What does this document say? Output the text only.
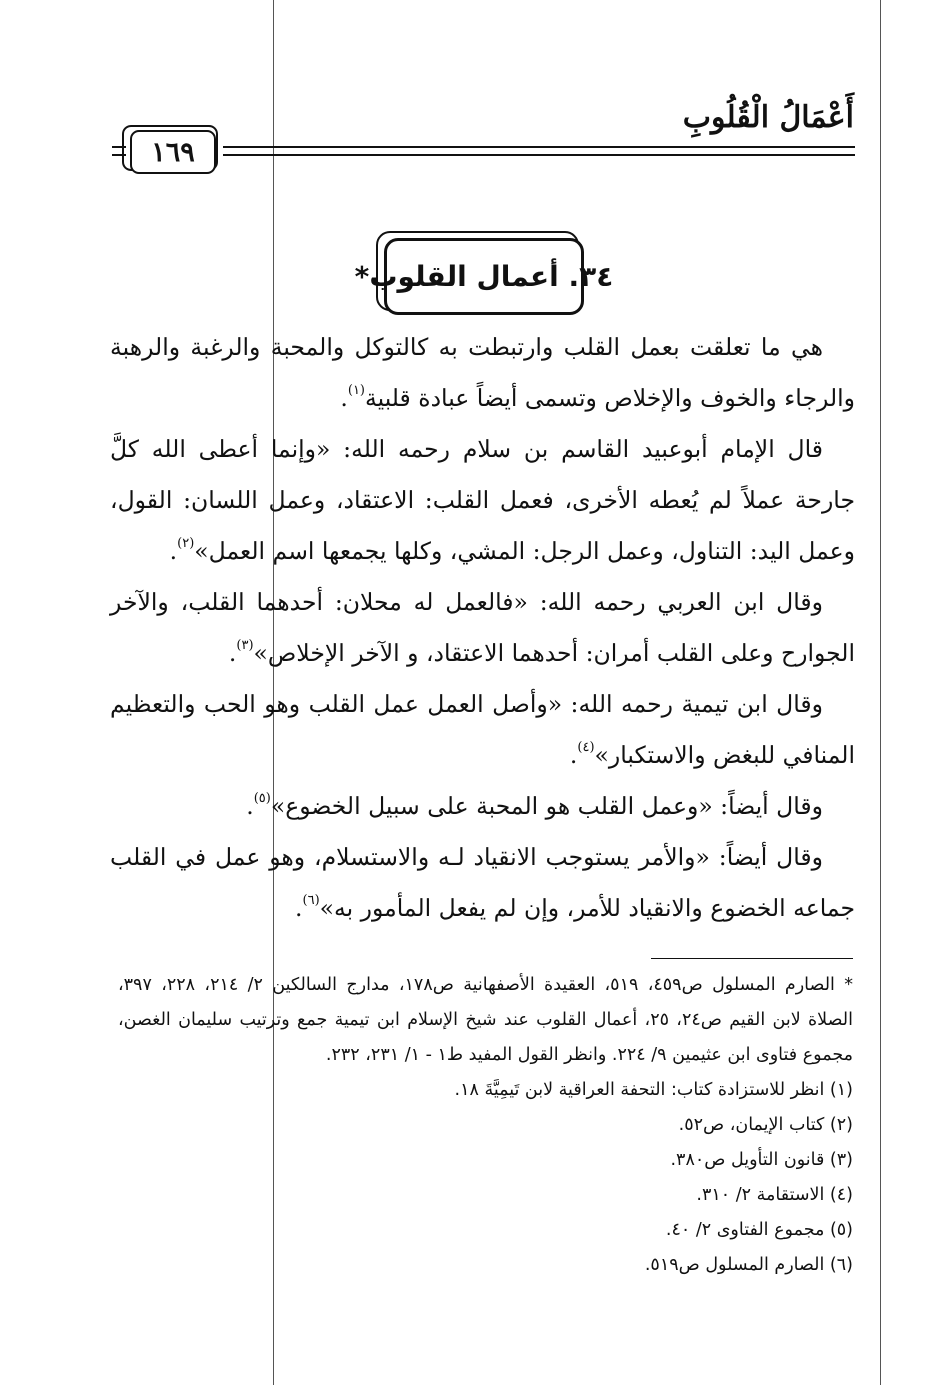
أَعْمَالُ الْقُلُوبِ
١٦٩
٣٤. أعمال القلوب*

هي ما تعلقت بعمل القلب وارتبطت به كالتوكل والمحبة والرغبة والرهبة والرجاء والخوف والإخلاص وتسمى أيضاً عبادة قلبية$^{(١)}$.

قال الإمام أبوعبيد القاسم بن سلام رحمه الله: «وإنما أعطى الله كلَّ جارحة عملاً لم يُعطه الأخرى، فعمل القلب: الاعتقاد، وعمل اللسان: القول، وعمل اليد: التناول، وعمل الرجل: المشي، وكلها يجمعها اسم العمل»$^{(٢)}$.

وقال ابن العربي رحمه الله: «فالعمل له محلان: أحدهما القلب، والآخر الجوارح وعلى القلب أمران: أحدهما الاعتقاد، و الآخر الإخلاص»$^{(٣)}$.

وقال ابن تيمية رحمه الله: «وأصل العمل عمل القلب وهو الحب والتعظيم المنافي للبغض والاستكبار»$^{(٤)}$.

وقال أيضاً: «وعمل القلب هو المحبة على سبيل الخضوع»$^{(٥)}$.

وقال أيضاً: «والأمر يستوجب الانقياد لـه والاستسلام، وهو عمل في القلب جماعه الخضوع والانقياد للأمر، وإن لم يفعل المأمور به»$^{(٦)}$.

* الصارم المسلول ص٤٥٩، ٥١٩، العقيدة الأصفهانية ص١٧٨، مدارج السالكين ٢/ ٢١٤، ٢٢٨، ٣٩٧، الصلاة لابن القيم ص٢٤، ٢٥، أعمال القلوب عند شيخ الإسلام ابن تيمية جمع وترتيب سليمان الغصن، مجموع فتاوى ابن عثيمين ٩/ ٢٢٤. وانظر القول المفيد ط١ - ١/ ٢٣١، ٢٣٢.

(١) انظر للاستزادة كتاب: التحفة العراقية لابن تَيمِيَّةَ ١٨.

(٢) كتاب الإيمان، ص٥٢.

(٣) قانون التأويل ص٣٨٠.

(٤) الاستقامة ٢/ ٣١٠.

(٥) مجموع الفتاوى ٢/ ٤٠.

(٦) الصارم المسلول ص٥١٩.
